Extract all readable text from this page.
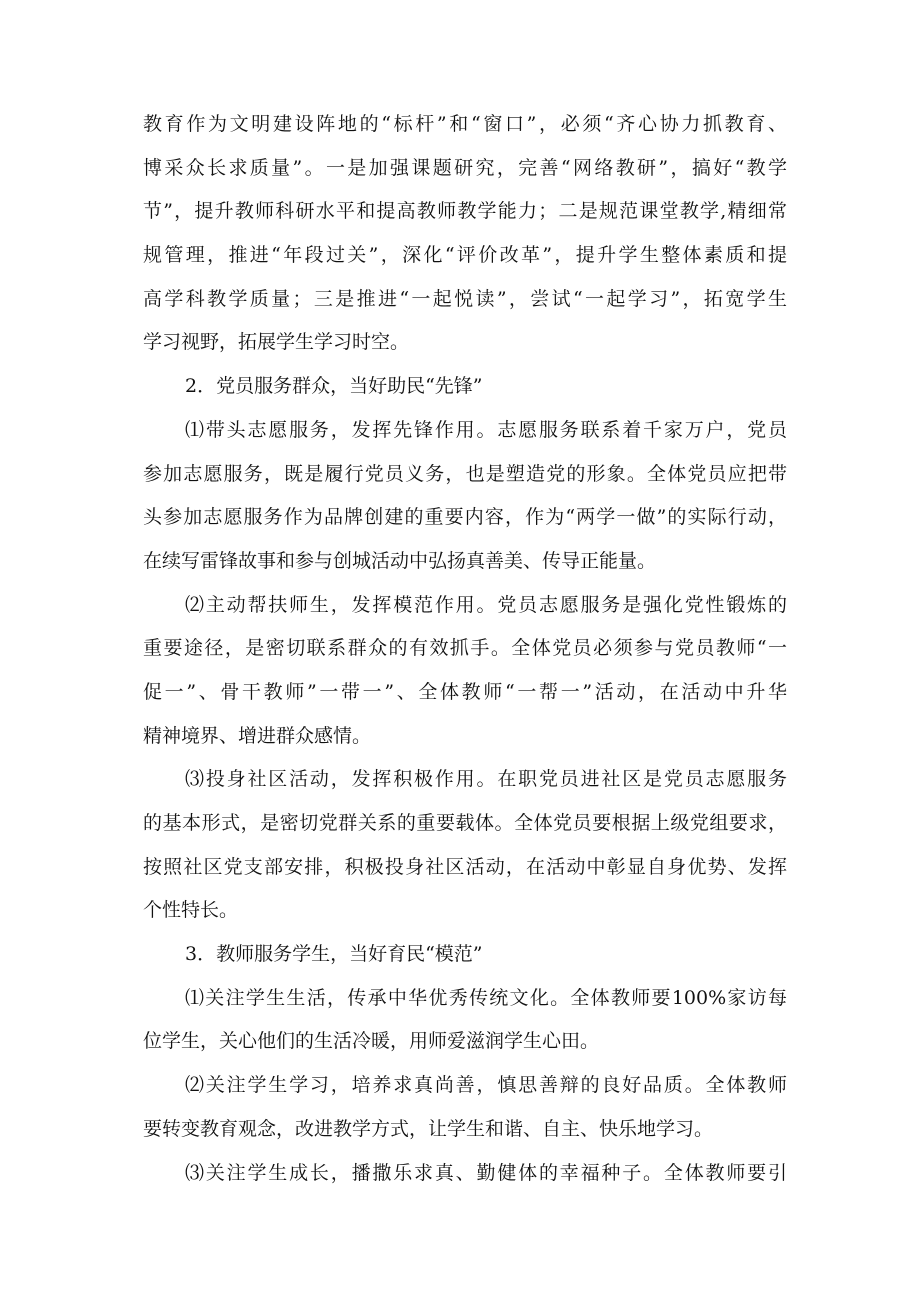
教育作为文明建设阵地的“标杆”和“窗口”，必须“齐心协力抓教育、
博采众长求质量”。一是加强课题研究，完善“网络教研”，搞好“教学
节”，提升教师科研水平和提高教师教学能力；二是规范课堂教学,精细常
规管理，推进“年段过关”，深化“评价改革”，提升学生整体素质和提
高学科教学质量；三是推进“一起悦读”，尝试“一起学习”，拓宽学生
学习视野，拓展学生学习时空。
2．党员服务群众，当好助民“先锋”
⑴带头志愿服务，发挥先锋作用。志愿服务联系着千家万户，党员
参加志愿服务，既是履行党员义务，也是塑造党的形象。全体党员应把带
头参加志愿服务作为品牌创建的重要内容，作为“两学一做”的实际行动，
在续写雷锋故事和参与创城活动中弘扬真善美、传导正能量。
⑵主动帮扶师生，发挥模范作用。党员志愿服务是强化党性锻炼的
重要途径，是密切联系群众的有效抓手。全体党员必须参与党员教师“一
促一”、骨干教师”一带一”、全体教师“一帮一”活动，在活动中升华
精神境界、增进群众感情。
⑶投身社区活动，发挥积极作用。在职党员进社区是党员志愿服务
的基本形式，是密切党群关系的重要载体。全体党员要根据上级党组要求，
按照社区党支部安排，积极投身社区活动，在活动中彰显自身优势、发挥
个性特长。
3．教师服务学生，当好育民“模范”
⑴关注学生生活，传承中华优秀传统文化。全体教师要100%家访每
位学生，关心他们的生活冷暖，用师爱滋润学生心田。
⑵关注学生学习，培养求真尚善，慎思善辩的良好品质。全体教师
要转变教育观念，改进教学方式，让学生和谐、自主、快乐地学习。
⑶关注学生成长，播撒乐求真、勤健体的幸福种子。全体教师要引
